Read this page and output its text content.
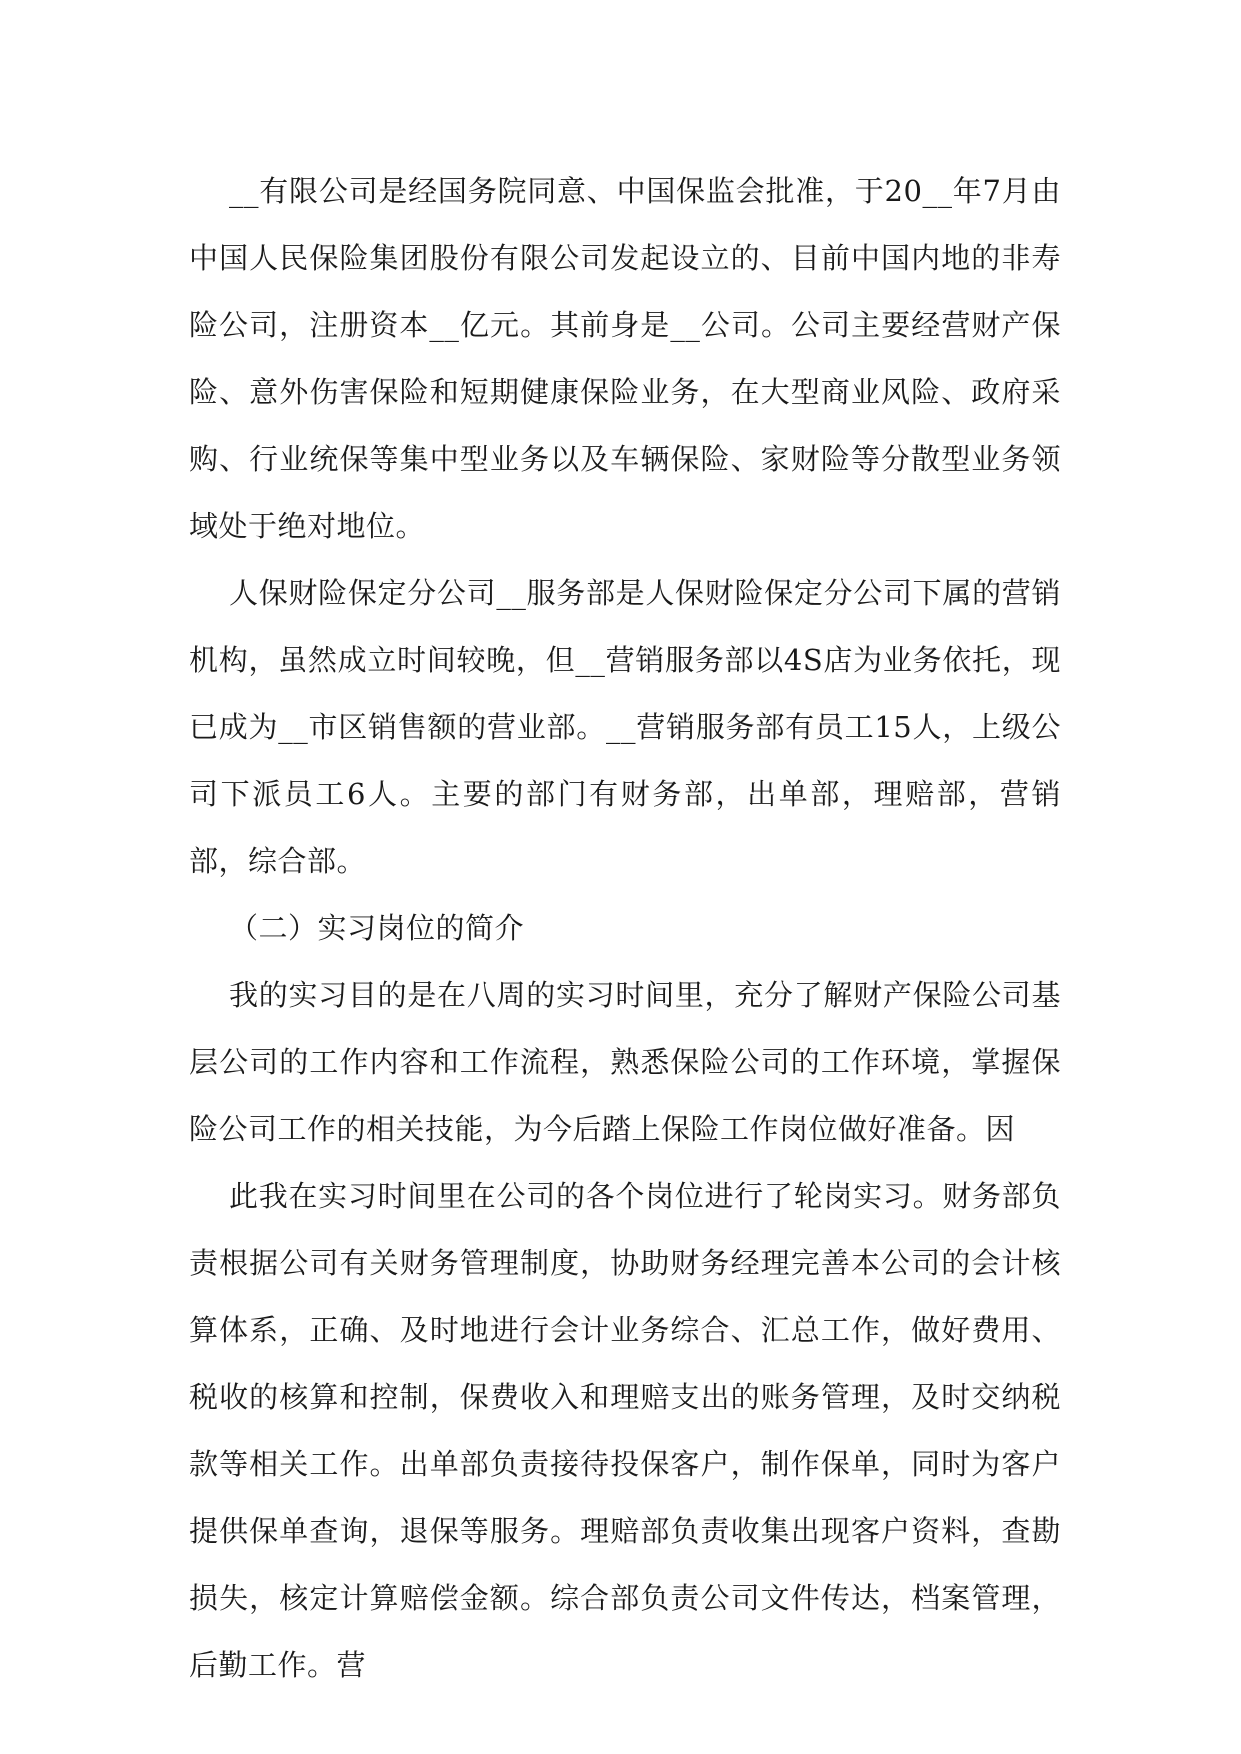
__有限公司是经国务院同意、中国保监会批准，于20__年7月由中国人民保险集团股份有限公司发起设立的、目前中国内地的非寿险公司，注册资本__亿元。其前身是__公司。公司主要经营财产保险、意外伤害保险和短期健康保险业务，在大型商业风险、政府采购、行业统保等集中型业务以及车辆保险、家财险等分散型业务领域处于绝对地位。

人保财险保定分公司__服务部是人保财险保定分公司下属的营销机构，虽然成立时间较晚，但__营销服务部以4S店为业务依托，现已成为__市区销售额的营业部。__营销服务部有员工15人，上级公司下派员工6人。主要的部门有财务部，出单部，理赔部，营销部，综合部。

（二）实习岗位的简介

我的实习目的是在八周的实习时间里，充分了解财产保险公司基层公司的工作内容和工作流程，熟悉保险公司的工作环境，掌握保险公司工作的相关技能，为今后踏上保险工作岗位做好准备。因

此我在实习时间里在公司的各个岗位进行了轮岗实习。财务部负责根据公司有关财务管理制度，协助财务经理完善本公司的会计核算体系，正确、及时地进行会计业务综合、汇总工作，做好费用、税收的核算和控制，保费收入和理赔支出的账务管理，及时交纳税款等相关工作。出单部负责接待投保客户，制作保单，同时为客户提供保单查询，退保等服务。理赔部负责收集出现客户资料，查勘损失，核定计算赔偿金额。综合部负责公司文件传达，档案管理，后勤工作。营
